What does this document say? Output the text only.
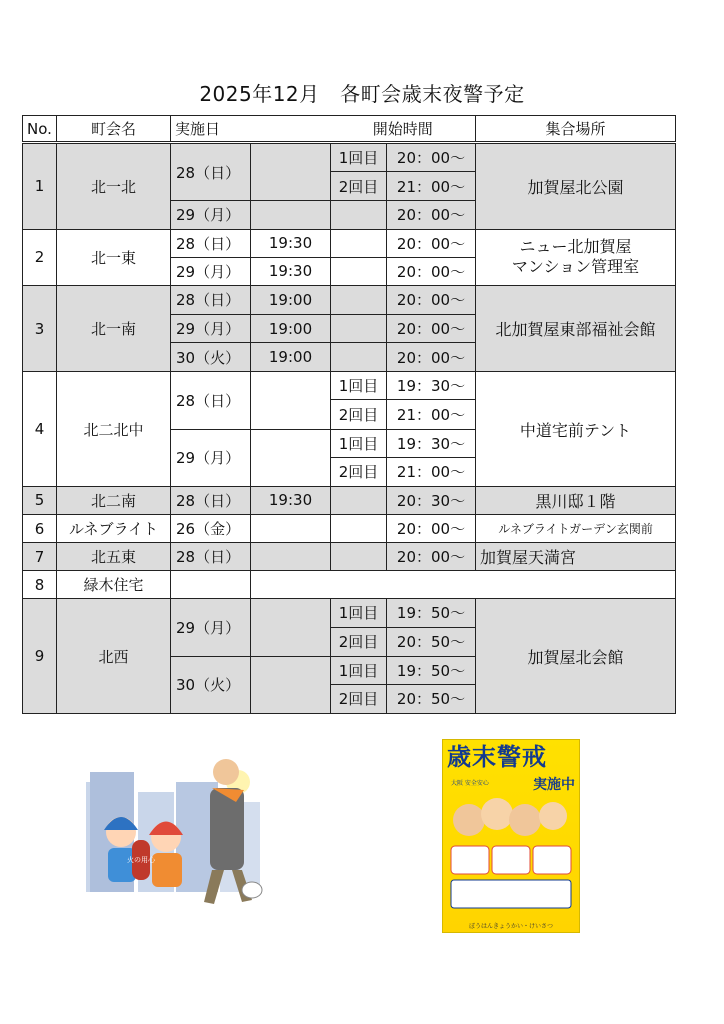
2025年12月　各町会歳末夜警予定
No.	町会名	実施日		開始時間		集合場所
1	北一北	28（日）		1回目	20：00～	加賀屋北公園
				2回目	21：00～	
		29（月）			20：00～	
2	北一東	28（日）	19:30		20：00～	ニュー北加賀屋
マンション管理室

		29（月）	19:30		20：00～	
3	北一南	28（日）	19:00		20：00～	北加賀屋東部福祉会館
		29（月）	19:00		20：00～	
		30（火）	19:00		20：00～	
4	北二北中	28（日）		1回目	19：30～	中道宅前テント
				2回目	21：00～	
		29（月）		1回目	19：30～	
				2回目	21：00～	
5	北二南	28（日）	19:30		20：30～	黒川邸１階
6	ルネブライト	26（金）			20：00～	ルネブライトガーデン玄関前
7	北五東	28（日）			20：00～	加賀屋天満宮
8	緑木住宅					
9	北西	29（月）		1回目	19：50～	加賀屋北会館
				2回目	20：50～	
		30（火）		1回目	19：50～	
				2回目	20：50～	
火の用心
歳末警戒
実施中
大阪 安全安心
ぼうはんきょうかい・けいさつ
